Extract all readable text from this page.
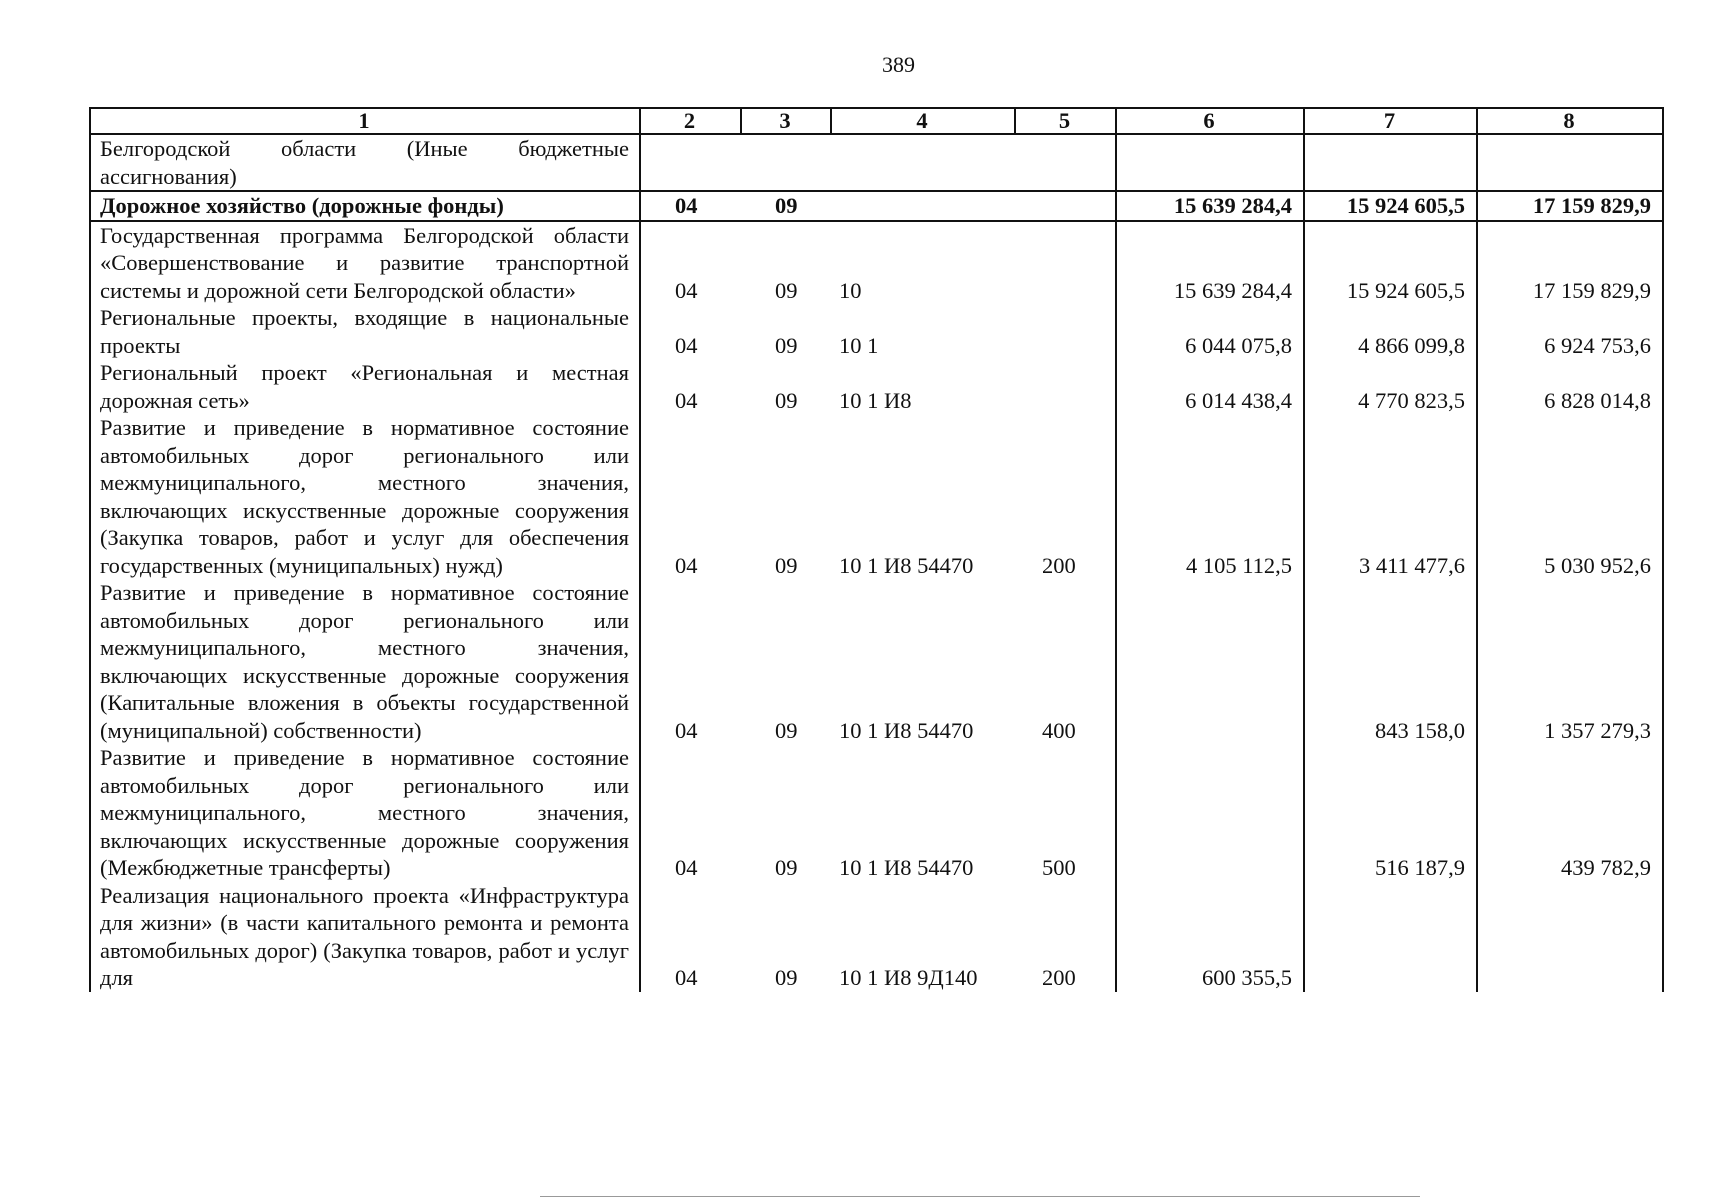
389
1	2	3	4	5	6	7	8
Белгородской области (Иные бюджетные ассигнования)							
Дорожное хозяйство (дорожные фонды)	04	09			15 639 284,4	15 924 605,5	17 159 829,9
Государственная программа Белгородской области «Совершенствование и развитие транспортной системы и дорожной сети Белгородской области»	04	09	10		15 639 284,4	15 924 605,5	17 159 829,9
Региональные проекты, входящие в национальные проекты	04	09	10 1		6 044 075,8	4 866 099,8	6 924 753,6
Региональный проект «Региональная и местная дорожная сеть»	04	09	10 1 И8		6 014 438,4	4 770 823,5	6 828 014,8
Развитие и приведение в нормативное состояние автомобильных дорог регионального или межмуниципального, местного значения, включающих искусственные дорожные сооружения (Закупка товаров, работ и услуг для обеспечения государственных (муниципальных) нужд)	04	09	10 1 И8 54470	200	4 105 112,5	3 411 477,6	5 030 952,6
Развитие и приведение в нормативное состояние автомобильных дорог регионального или межмуниципального, местного значения, включающих искусственные дорожные сооружения (Капитальные вложения в объекты государственной (муниципальной) собственности)	04	09	10 1 И8 54470	400		843 158,0	1 357 279,3
Развитие и приведение в нормативное состояние автомобильных дорог регионального или межмуниципального, местного значения, включающих искусственные дорожные сооружения (Межбюджетные трансферты)	04	09	10 1 И8 54470	500		516 187,9	439 782,9
Реализация национального проекта «Инфраструктура для жизни» (в части капитального ремонта и ремонта автомобильных дорог) (Закупка товаров, работ и услуг для	04	09	10 1 И8 9Д140	200	600 355,5		
